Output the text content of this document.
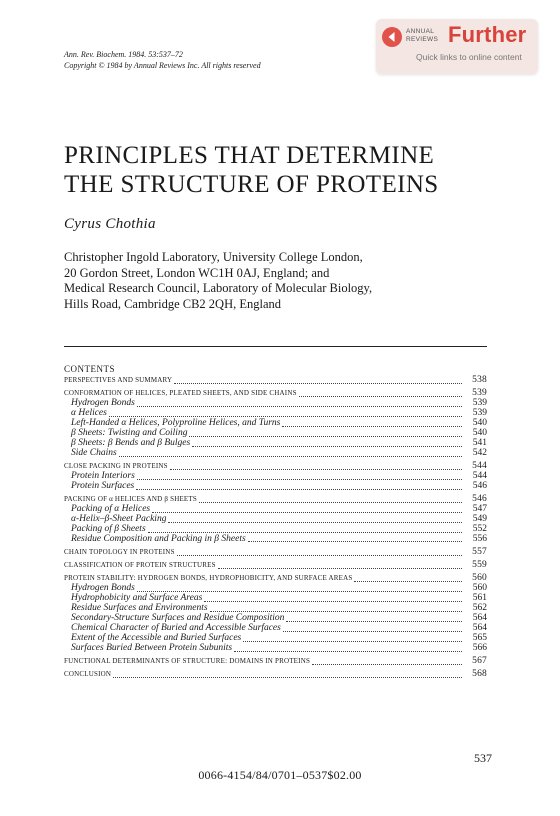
Ann. Rev. Biochem. 1984. 53:537–72
Copyright © 1984 by Annual Reviews Inc. All rights reserved
ANNUAL
REVIEWS Further
Quick links to online content
PRINCIPLES THAT DETERMINE
THE STRUCTURE OF PROTEINS
Cyrus Chothia
Christopher Ingold Laboratory, University College London,
20 Gordon Street, London WC1H 0AJ, England; and
Medical Research Council, Laboratory of Molecular Biology,
Hills Road, Cambridge CB2 2QH, England
CONTENTS
PERSPECTIVES AND SUMMARY	538
CONFORMATION OF HELICES, PLEATED SHEETS, AND SIDE CHAINS	539
Hydrogen Bonds	539
α Helices	539
Left-Handed α Helices, Polyproline Helices, and Turns	540
β Sheets: Twisting and Coiling	540
β Sheets: β Bends and β Bulges	541
Side Chains	542
CLOSE PACKING IN PROTEINS	544
Protein Interiors	544
Protein Surfaces	546
PACKING OF α HELICES AND β SHEETS	546
Packing of α Helices	547
α-Helix–β-Sheet Packing	549
Packing of β Sheets	552
Residue Composition and Packing in β Sheets	556
CHAIN TOPOLOGY IN PROTEINS	557
CLASSIFICATION OF PROTEIN STRUCTURES	559
PROTEIN STABILITY: HYDROGEN BONDS, HYDROPHOBICITY, AND SURFACE AREAS	560
Hydrogen Bonds	560
Hydrophobicity and Surface Areas	561
Residue Surfaces and Environments	562
Secondary-Structure Surfaces and Residue Composition	564
Chemical Character of Buried and Accessible Surfaces	564
Extent of the Accessible and Buried Surfaces	565
Surfaces Buried Between Protein Subunits	566
FUNCTIONAL DETERMINANTS OF STRUCTURE: DOMAINS IN PROTEINS	567
CONCLUSION	568
537
0066-4154/84/0701–0537$02.00
